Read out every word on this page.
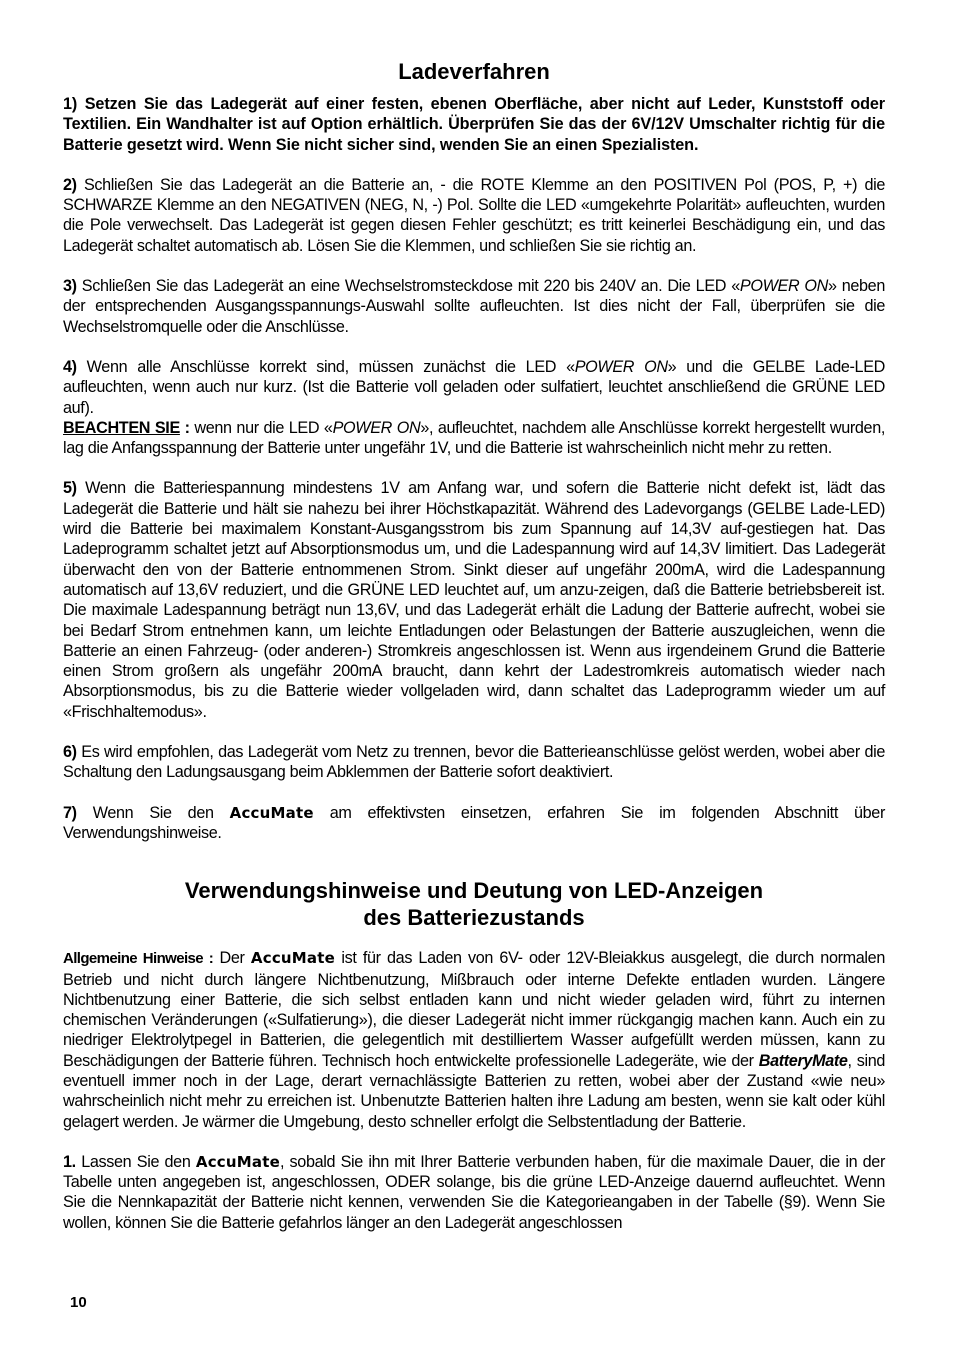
Ladeverfahren

1) Setzen Sie das Ladegerät auf einer festen, ebenen Oberfläche, aber nicht auf Leder, Kunststoff oder Textilien. Ein Wandhalter ist auf Option erhältlich. Überprüfen Sie das der 6V/12V Umschalter richtig für die Batterie gesetzt wird. Wenn Sie nicht sicher sind, wenden Sie an einen Spezialisten.

2) Schließen Sie das Ladegerät an die Batterie an, - die ROTE Klemme an den POSITIVEN Pol (POS, P, +) die SCHWARZE Klemme an den NEGATIVEN (NEG, N, -) Pol. Sollte die LED «umgekehrte Polarität» aufleuchten, wurden die Pole verwechselt. Das Ladegerät ist gegen diesen Fehler geschützt; es tritt keinerlei Beschädigung ein, und das Ladegerät schaltet automatisch ab. Lösen Sie die Klemmen, und schließen Sie sie richtig an.

3) Schließen Sie das Ladegerät an eine Wechselstromsteckdose mit 220 bis 240V an. Die LED «POWER ON» neben der entsprechenden Ausgangsspannungs-Auswahl sollte aufleuchten. Ist dies nicht der Fall, überprüfen sie die Wechselstromquelle oder die Anschlüsse.

4) Wenn alle Anschlüsse korrekt sind, müssen zunächst die LED «POWER ON» und die GELBE Lade-LED aufleuchten, wenn auch nur kurz. (Ist die Batterie voll geladen oder sulfatiert, leuchtet anschließend die GRÜNE LED auf).

BEACHTEN SIE : wenn nur die LED «POWER ON», aufleuchtet, nachdem alle Anschlüsse korrekt hergestellt wurden, lag die Anfangsspannung der Batterie unter ungefähr 1V, und die Batterie ist wahrscheinlich nicht mehr zu retten.

5) Wenn die Batteriespannung mindestens 1V am Anfang war, und sofern die Batterie nicht defekt ist, lädt das Ladegerät die Batterie und hält sie nahezu bei ihrer Höchstkapazität. Während des Ladevorgangs (GELBE Lade-LED) wird die Batterie bei maximalem Konstant-Ausgangsstrom bis zum Spannung auf 14,3V auf-gestiegen hat. Das Ladeprogramm schaltet jetzt auf Absorptionsmodus um, und die Ladespannung wird auf 14,3V limitiert. Das Ladegerät überwacht den von der Batterie entnommenen Strom. Sinkt dieser auf ungefähr 200mA, wird die Ladespannung automatisch auf 13,6V reduziert, und die GRÜNE LED leuchtet auf, um anzu-zeigen, daß die Batterie betriebsbereit ist. Die maximale Ladespannung beträgt nun 13,6V, und das Ladegerät erhält die Ladung der Batterie aufrecht, wobei sie bei Bedarf Strom entnehmen kann, um leichte Entladungen oder Belastungen der Batterie auszugleichen, wenn die Batterie an einen Fahrzeug- (oder anderen-) Stromkreis angeschlossen ist. Wenn aus irgendeinem Grund die Batterie einen Strom großern als ungefähr 200mA braucht, dann kehrt der Ladestromkreis automatisch wieder nach Absorptionsmodus, bis zu die Batterie wieder vollgeladen wird, dann schaltet das Ladeprogramm wieder um auf «Frischhaltemodus».

6) Es wird empfohlen, das Ladegerät vom Netz zu trennen, bevor die Batterieanschlüsse gelöst werden, wobei aber die Schaltung den Ladungsausgang beim Abklemmen der Batterie sofort deaktiviert.

7) Wenn Sie den AccuMate am effektivsten einsetzen, erfahren Sie im folgenden Abschnitt über Verwendungshinweise.

Verwendungshinweise und Deutung von LED-Anzeigen
des Batteriezustands

Allgemeine Hinweise : Der AccuMate ist für das Laden von 6V- oder 12V-Bleiakkus ausgelegt, die durch normalen Betrieb und nicht durch längere Nichtbenutzung, Mißbrauch oder interne Defekte entladen wurden. Längere Nichtbenutzung einer Batterie, die sich selbst entladen kann und nicht wieder geladen wird, führt zu internen chemischen Veränderungen («Sulfatierung»), die dieser Ladegerät nicht immer rückgangig machen kann. Auch ein zu niedriger Elektrolytpegel in Batterien, die gelegentlich mit destilliertem Wasser aufgefüllt werden müssen, kann zu Beschädigungen der Batterie führen. Technisch hoch entwickelte professionelle Ladegeräte, wie der BatteryMate, sind eventuell immer noch in der Lage, derart vernachlässigte Batterien zu retten, wobei aber der Zustand «wie neu» wahrscheinlich nicht mehr zu erreichen ist. Unbenutzte Batterien halten ihre Ladung am besten, wenn sie kalt oder kühl gelagert werden. Je wärmer die Umgebung, desto schneller erfolgt die Selbstentladung der Batterie.

1. Lassen Sie den AccuMate, sobald Sie ihn mit Ihrer Batterie verbunden haben, für die maximale Dauer, die in der Tabelle unten angegeben ist, angeschlossen, ODER solange, bis die grüne LED-Anzeige dauernd aufleuchtet. Wenn Sie die Nennkapazität der Batterie nicht kennen, verwenden Sie die Kategorieangaben in der Tabelle (§9). Wenn Sie wollen, können Sie die Batterie gefahrlos länger an den Ladegerät angeschlossen

10
